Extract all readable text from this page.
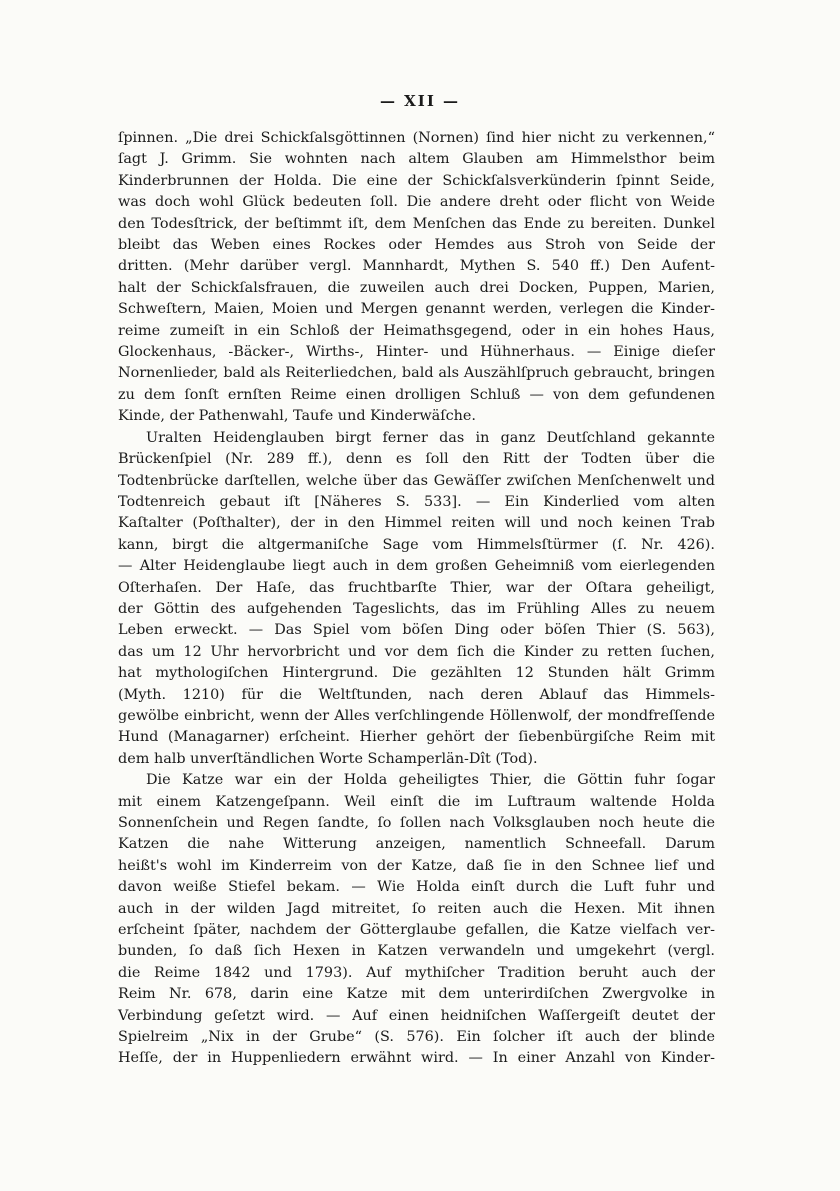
— XII —

ſpinnen. „Die drei Schickſalsgöttinnen (Nornen) ſind hier nicht zu verkennen,“

ſagt J. Grimm. Sie wohnten nach altem Glauben am Himmelsthor beim

Kinderbrunnen der Holda. Die eine der Schickſalsverkünderin ſpinnt Seide,

was doch wohl Glück bedeuten ſoll. Die andere dreht oder flicht von Weide

den Todesſtrick, der beſtimmt iſt, dem Menſchen das Ende zu bereiten. Dunkel

bleibt das Weben eines Rockes oder Hemdes aus Stroh von Seide der

dritten. (Mehr darüber vergl. Mannhardt, Mythen S. 540 ff.) Den Aufent-

halt der Schickſalsfrauen, die zuweilen auch drei Docken, Puppen, Marien,

Schweſtern, Maien, Moien und Mergen genannt werden, verlegen die Kinder-

reime zumeiſt in ein Schloß der Heimathsgegend, oder in ein hohes Haus,

Glockenhaus, -Bäcker-, Wirths-, Hinter- und Hühnerhaus. — Einige dieſer

Nornenlieder, bald als Reiterliedchen, bald als Auszählſpruch gebraucht, bringen

zu dem ſonſt ernſten Reime einen drolligen Schluß — von dem gefundenen

Kinde, der Pathenwahl, Taufe und Kinderwäſche.

Uralten Heidenglauben birgt ferner das in ganz Deutſchland gekannte

Brückenſpiel (Nr. 289 ff.), denn es ſoll den Ritt der Todten über die

Todtenbrücke darſtellen, welche über das Gewäſſer zwiſchen Menſchenwelt und

Todtenreich gebaut iſt [Näheres S. 533]. — Ein Kinderlied vom alten

Kaſtalter (Poſthalter), der in den Himmel reiten will und noch keinen Trab

kann, birgt die altgermaniſche Sage vom Himmelsſtürmer (ſ. Nr. 426).

— Alter Heidenglaube liegt auch in dem großen Geheimniß vom eierlegenden

Oſterhaſen. Der Haſe, das fruchtbarſte Thier, war der Oſtara geheiligt,

der Göttin des aufgehenden Tageslichts, das im Frühling Alles zu neuem

Leben erweckt. — Das Spiel vom böſen Ding oder böſen Thier (S. 563),

das um 12 Uhr hervorbricht und vor dem ſich die Kinder zu retten ſuchen,

hat mythologiſchen Hintergrund. Die gezählten 12 Stunden hält Grimm

(Myth. 1210) für die Weltſtunden, nach deren Ablauf das Himmels-

gewölbe einbricht, wenn der Alles verſchlingende Höllenwolf, der mondfreſſende

Hund (Managarner) erſcheint. Hierher gehört der ſiebenbürgiſche Reim mit

dem halb unverſtändlichen Worte Schamperlän-Dît (Tod).

Die Katze war ein der Holda geheiligtes Thier, die Göttin fuhr ſogar

mit einem Katzengeſpann. Weil einſt die im Luftraum waltende Holda

Sonnenſchein und Regen ſandte, ſo ſollen nach Volksglauben noch heute die

Katzen die nahe Witterung anzeigen, namentlich Schneefall. Darum

heißt's wohl im Kinderreim von der Katze, daß ſie in den Schnee lief und

davon weiße Stiefel bekam. — Wie Holda einſt durch die Luft fuhr und

auch in der wilden Jagd mitreitet, ſo reiten auch die Hexen. Mit ihnen

erſcheint ſpäter, nachdem der Götterglaube gefallen, die Katze vielfach ver-

bunden, ſo daß ſich Hexen in Katzen verwandeln und umgekehrt (vergl.

die Reime 1842 und 1793). Auf mythiſcher Tradition beruht auch der

Reim Nr. 678, darin eine Katze mit dem unterirdiſchen Zwergvolke in

Verbindung geſetzt wird. — Auf einen heidniſchen Waſſergeiſt deutet der

Spielreim „Nix in der Grube“ (S. 576). Ein ſolcher iſt auch der blinde

Heſſe, der in Huppenliedern erwähnt wird. — In einer Anzahl von Kinder-
